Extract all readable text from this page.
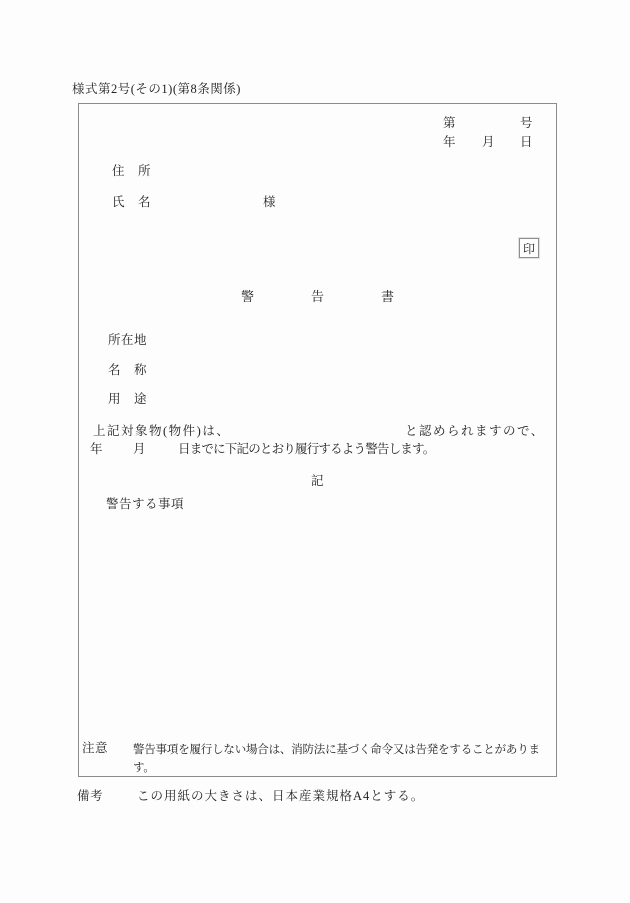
様式第2号(その1)(第8条関係)
第	号
年 月 日
住　所
氏　名	様
印
警	告	書
所在地
名　称
用　途
上記対象物(物件)は、	と認められますので、
年 月	日までに下記のとおり履行するよう警告します。
記
警告する事項
注意 警告事項を履行しない場合は、消防法に基づく命令又は告発をすることがありま
す。
備考	この用紙の大きさは、日本産業規格A4とする。
